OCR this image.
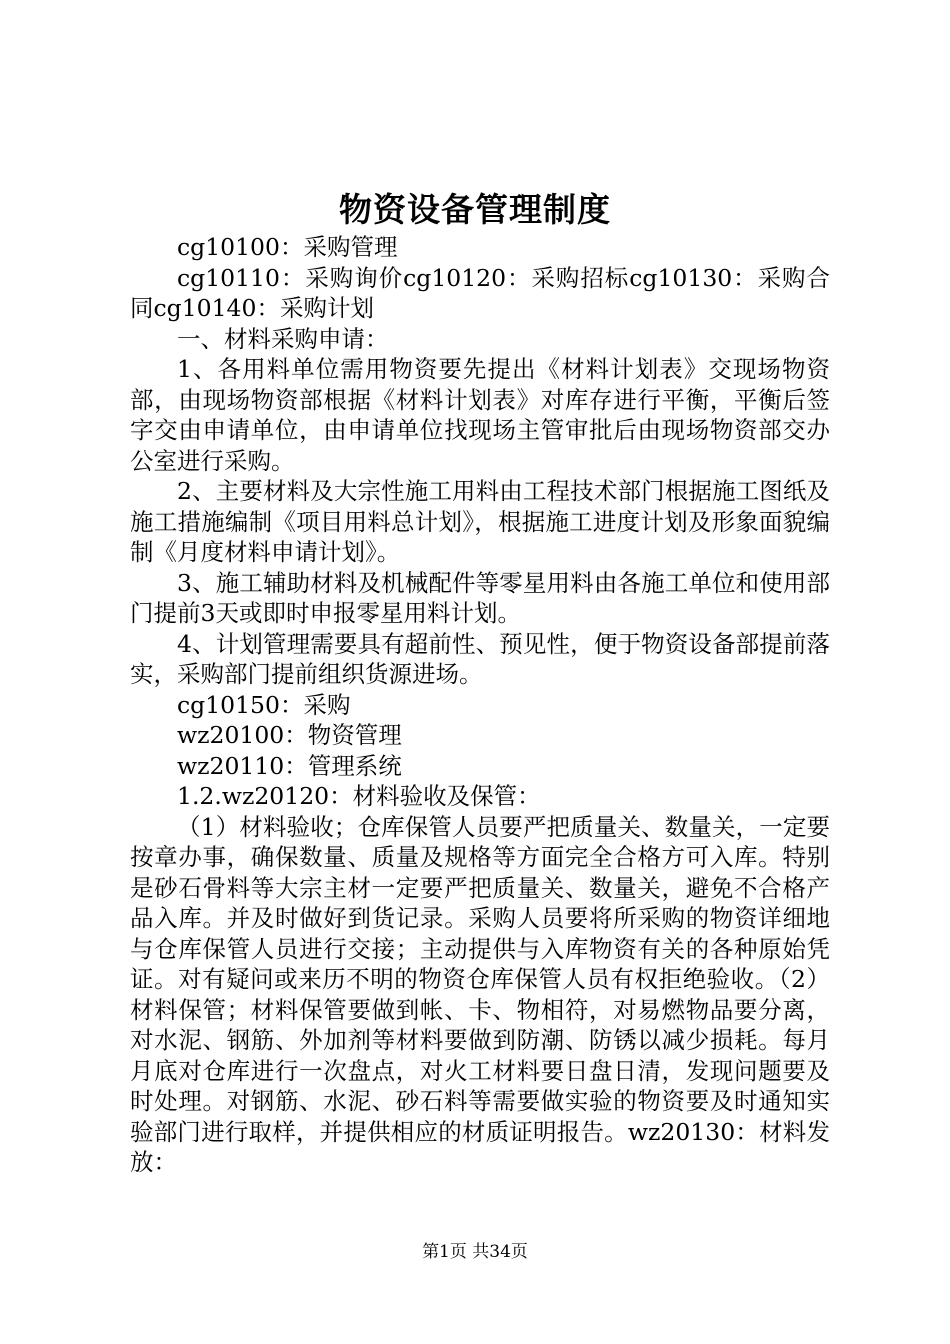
物资设备管理制度

cg10100：采购管理

cg10110：采购询价cg10120：采购招标cg10130：采购合同cg10140：采购计划

一、材料采购申请：

1、各用料单位需用物资要先提出《材料计划表》交现场物资部，由现场物资部根据《材料计划表》对库存进行平衡，平衡后签字交由申请单位，由申请单位找现场主管审批后由现场物资部交办公室进行采购。

2、主要材料及大宗性施工用料由工程技术部门根据施工图纸及施工措施编制《项目用料总计划》，根据施工进度计划及形象面貌编制《月度材料申请计划》。

3、施工辅助材料及机械配件等零星用料由各施工单位和使用部门提前3天或即时申报零星用料计划。

4、计划管理需要具有超前性、预见性，便于物资设备部提前落实，采购部门提前组织货源进场。

cg10150：采购

wz20100：物资管理

wz20110：管理系统

1.2.wz20120：材料验收及保管：

（1）材料验收；仓库保管人员要严把质量关、数量关，一定要按章办事，确保数量、质量及规格等方面完全合格方可入库。特别是砂石骨料等大宗主材一定要严把质量关、数量关，避免不合格产品入库。并及时做好到货记录。采购人员要将所采购的物资详细地与仓库保管人员进行交接；主动提供与入库物资有关的各种原始凭证。对有疑问或来历不明的物资仓库保管人员有权拒绝验收。（2）材料保管；材料保管要做到帐、卡、物相符，对易燃物品要分离，对水泥、钢筋、外加剂等材料要做到防潮、防锈以减少损耗。每月月底对仓库进行一次盘点，对火工材料要日盘日清，发现问题要及时处理。对钢筋、水泥、砂石料等需要做实验的物资要及时通知实验部门进行取样，并提供相应的材质证明报告。wz20130：材料发放：

第1页 共34页
